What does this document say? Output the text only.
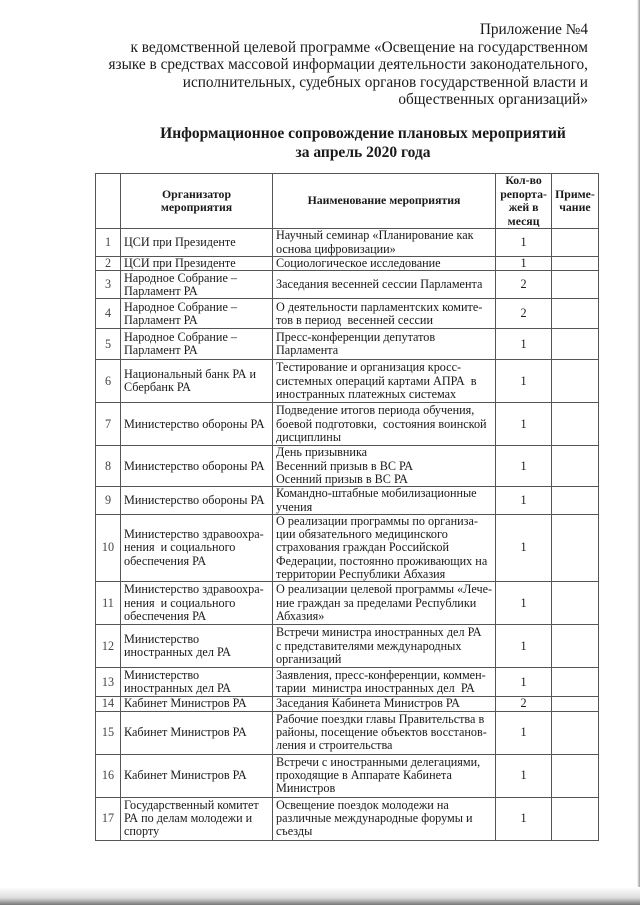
Приложение №4
к ведомственной целевой программе «Освещение на государственном
языке в средствах массовой информации деятельности законодательного,
исполнительных, судебных органов государственной власти и
общественных организаций»
Информационное сопровождение плановых мероприятий
за апрель 2020 года
	Организатор
мероприятия	Наименование мероприятия	Кол-во
репорта-
жей в
месяц	Приме-
чание
1	ЦСИ при Президенте	Научный семинар «Планирование как
основа цифровизации»	1	
2	ЦСИ при Президенте	Социологическое исследование	1	
3	Народное Собрание –
Парламент РА	Заседания весенней сессии Парламента	2	
4	Народное Собрание –
Парламент РА	О деятельности парламентских комите-
тов в период  весенней сессии	2	
5	Народное Собрание –
Парламент РА	Пресс-конференции депутатов
Парламента	1	
6	Национальный банк РА и
Сбербанк РА	Тестирование и организация кросс-
системных операций картами АПРА  в
иностранных платежных системах	1	
7	Министерство обороны РА	Подведение итогов периода обучения,
боевой подготовки,  состояния воинской
дисциплины	1	
8	Министерство обороны РА	День призывника
Весенний призыв в ВС РА
Осенний призыв в ВС РА	1	
9	Министерство обороны РА	Командно-штабные мобилизационные
учения	1	
10	Министерство здравоохра-
нения  и социального
обеспечения РА	О реализации программы по организа-
ции обязательного медицинского
страхования граждан Российской
Федерации, постоянно проживающих на
территории Республики Абхазия	1	
11	Министерство здравоохра-
нения  и социального
обеспечения РА	О реализации целевой программы «Лече-
ние граждан за пределами Республики
Абхазия»	1	
12	Министерство
иностранных дел РА	Встречи министра иностранных дел РА
с представителями международных
организаций	1	
13	Министерство
иностранных дел РА	Заявления, пресс-конференции, коммен-
тарии  министра иностранных дел  РА	1	
14	Кабинет Министров РА	Заседания Кабинета Министров РА	2	
15	Кабинет Министров РА	Рабочие поездки главы Правительства в
районы, посещение объектов восстанов-
ления и строительства	1	
16	Кабинет Министров РА	Встречи с иностранными делегациями,
проходящие в Аппарате Кабинета
Министров	1	
17	Государственный комитет
РА по делам молодежи и
спорту	Освещение поездок молодежи на
различные международные форумы и
съезды	1	
